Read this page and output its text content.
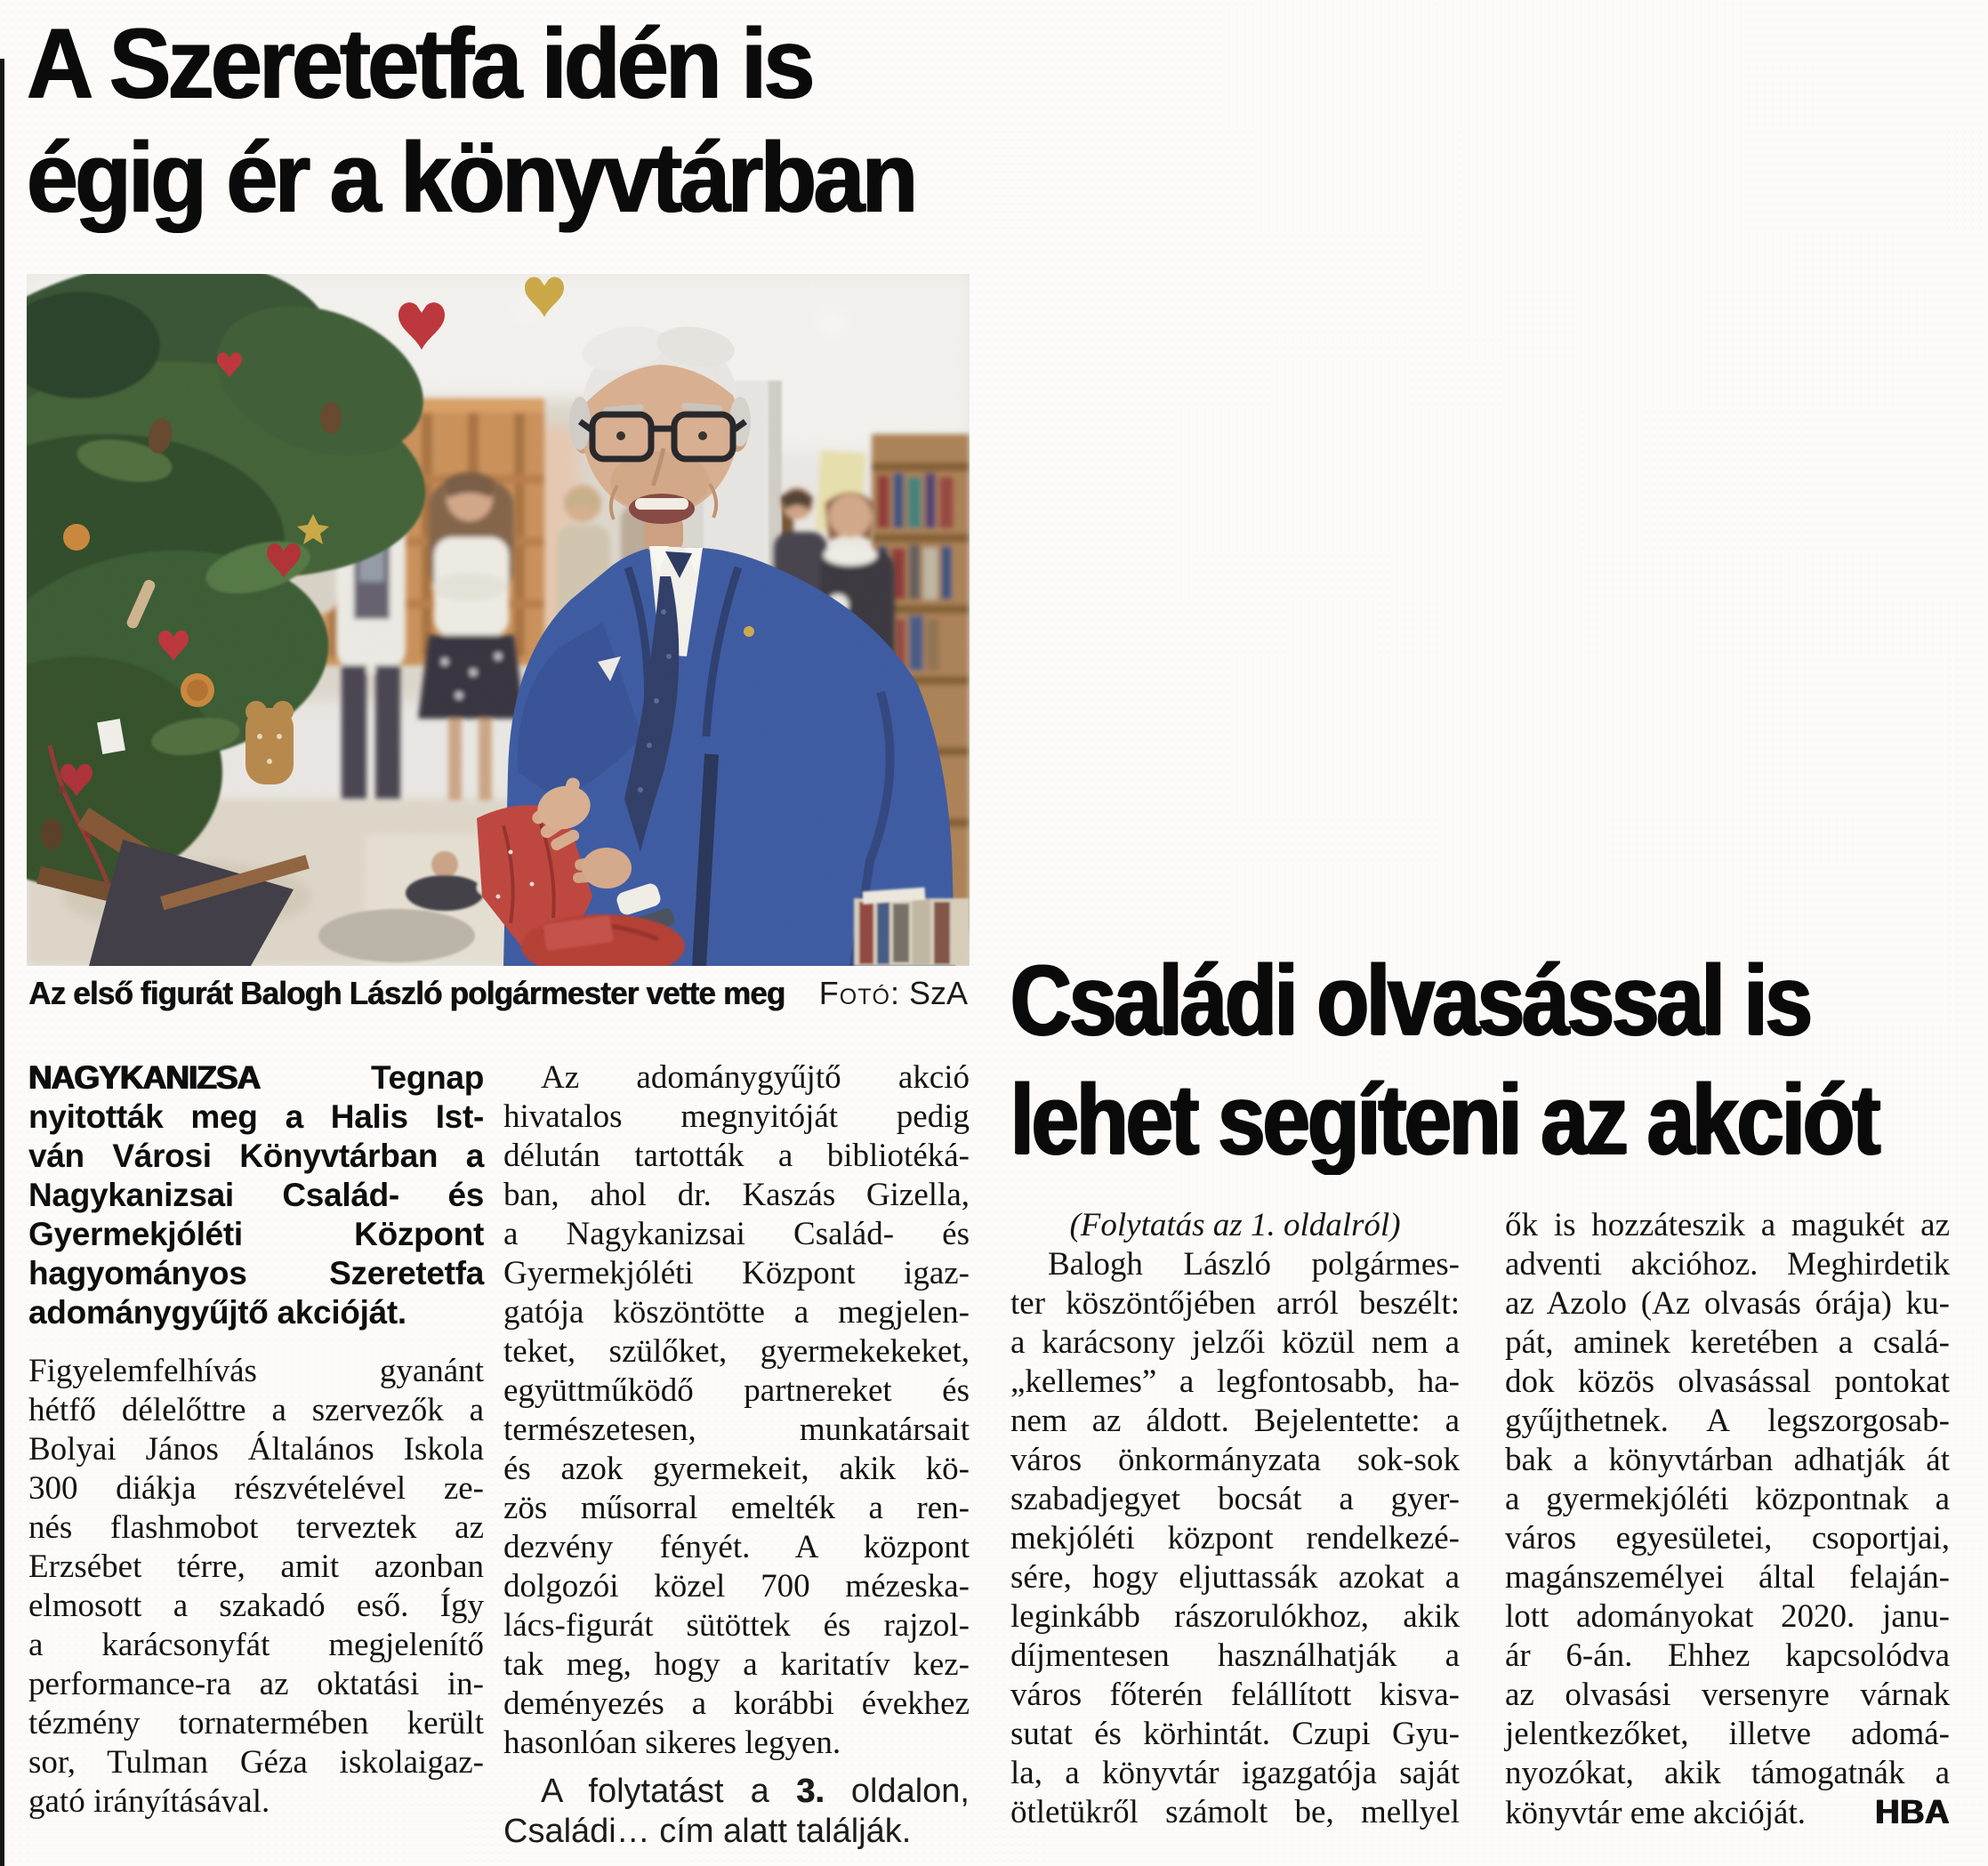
A Szeretetfa idén is
égig ér a könyvtárban
Az első figurát Balogh László polgármester vette meg Fotó: SzA
NAGYKANIZSA	Tegnap
nyitották meg a Halis Ist-
ván Városi Könyvtárban a
Nagykanizsai Család- és
Gyermekjóléti Központ
hagyományos Szeretetfa
adománygyűjtő akcióját.
Figyelemfelhívás gyanánt
hétfő délelőttre a szervezők a
Bolyai János Általános Iskola
300 diákja részvételével ze-
nés flashmobot terveztek az
Erzsébet térre, amit azonban
elmosott a szakadó eső. Így
a karácsonyfát megjelenítő
performance-ra az oktatási in-
tézmény tornatermében került
sor, Tulman Géza iskolaigaz-
gató irányításával.
Az adománygyűjtő akció
hivatalos megnyitóját pedig
délután tartották a bibliotéká-
ban, ahol dr. Kaszás Gizella,
a Nagykanizsai Család- és
Gyermekjóléti Központ igaz-
gatója köszöntötte a megjelen-
teket, szülőket, gyermekekeket,
együttműködő partnereket és
természetesen, munkatársait
és azok gyermekeit, akik kö-
zös műsorral emelték a ren-
dezvény fényét. A központ
dolgozói közel 700 mézeska-
lács-figurát sütöttek és rajzol-
tak meg, hogy a karitatív kez-
deményezés a korábbi évekhez
hasonlóan sikeres legyen.
A folytatást a 3. oldalon,
Családi… cím alatt találják.
Családi olvasással is
lehet segíteni az akciót
(Folytatás az 1. oldalról)
Balogh László polgármes-
ter köszöntőjében arról beszélt:
a karácsony jelzői közül nem a
„kellemes” a legfontosabb, ha-
nem az áldott. Bejelentette: a
város önkormányzata sok-sok
szabadjegyet bocsát a gyer-
mekjóléti központ rendelkezé-
sére, hogy eljuttassák azokat a
leginkább rászorulókhoz, akik
díjmentesen használhatják a
város főterén felállított kisva-
sutat és körhintát. Czupi Gyu-
la, a könyvtár igazgatója saját
ötletükről számolt be, mellyel
ők is hozzáteszik a magukét az
adventi akcióhoz. Meghirdetik
az Azolo (Az olvasás órája) ku-
pát, aminek keretében a csalá-
dok közös olvasással pontokat
gyűjthetnek. A legszorgosab-
bak a könyvtárban adhatják át
a gyermekjóléti központnak a
város egyesületei, csoportjai,
magánszemélyei által felaján-
lott adományokat 2020. janu-
ár 6-án. Ehhez kapcsolódva
az olvasási versenyre várnak
jelentkezőket, illetve adomá-
nyozókat, akik támogatnák a
könyvtár eme akcióját. HBA
